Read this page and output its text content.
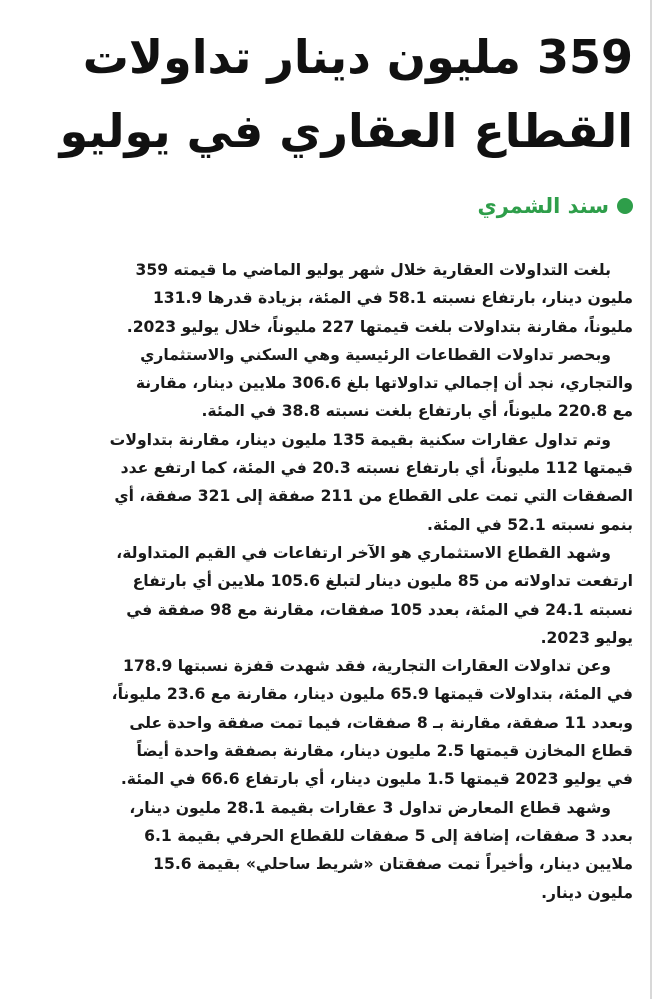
359 مليون دينار تداولات
القطاع العقاري في يوليو
سند الشمري

بلغت التداولات العقارية خلال شهر يوليو الماضي ما قيمته 359
مليون دينار، بارتفاع نسبته 58.1 في المئة، بزيادة قدرها 131.9
مليوناً، مقارنة بتداولات بلغت قيمتها 227 مليوناً، خلال يوليو 2023.

وبحصر تداولات القطاعات الرئيسية وهي السكني والاستثماري
والتجاري، نجد أن إجمالي تداولاتها بلغ 306.6 ملايين دينار، مقارنة
مع 220.8 مليوناً، أي بارتفاع بلغت نسبته 38.8 في المئة.

وتم تداول عقارات سكنية بقيمة 135 مليون دينار، مقارنة بتداولات
قيمتها 112 مليوناً، أي بارتفاع نسبته 20.3 في المئة، كما ارتفع عدد
الصفقات التي تمت على القطاع من 211 صفقة إلى 321 صفقة، أي
بنمو نسبته 52.1 في المئة.

وشهد القطاع الاستثماري هو الآخر ارتفاعات في القيم المتداولة،
ارتفعت تداولاته من 85 مليون دينار لتبلغ 105.6 ملايين أي بارتفاع
نسبته 24.1 في المئة، بعدد 105 صفقات، مقارنة مع 98 صفقة في
يوليو 2023.

وعن تداولات العقارات التجارية، فقد شهدت قفزة نسبتها 178.9
في المئة، بتداولات قيمتها 65.9 مليون دينار، مقارنة مع 23.6 مليوناً،
وبعدد 11 صفقة، مقارنة بـ 8 صفقات، فيما تمت صفقة واحدة على
قطاع المخازن قيمتها 2.5 مليون دينار، مقارنة بصفقة واحدة أيضاً
في يوليو 2023 قيمتها 1.5 مليون دينار، أي بارتفاع 66.6 في المئة.

وشهد قطاع المعارض تداول 3 عقارات بقيمة 28.1 مليون دينار،
بعدد 3 صفقات، إضافة إلى 5 صفقات للقطاع الحرفي بقيمة 6.1
ملايين دينار، وأخيراً تمت صفقتان «شريط ساحلي» بقيمة 15.6
مليون دينار.
